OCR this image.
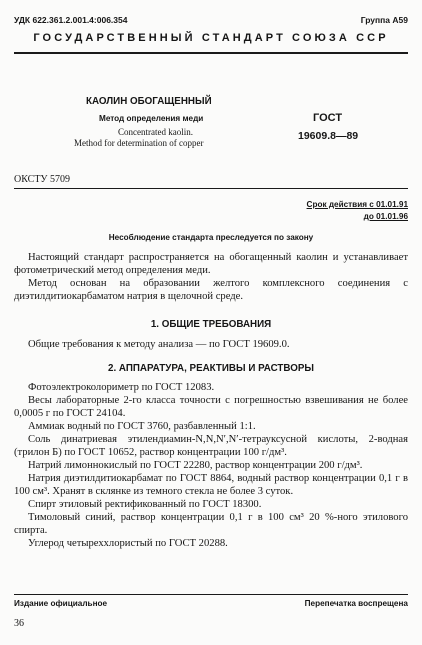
УДК 622.361.2.001.4:006.354	Группа А59
ГОСУДАРСТВЕННЫЙ СТАНДАРТ СОЮЗА ССР
КАОЛИН ОБОГАЩЕННЫЙ
Метод определения меди
Concentrated kaolin.
Method for determination of copper
ГОСТ
19609.8—89
ОКСТУ 5709
Срок действия с 01.01.91
до 01.01.96
Несоблюдение стандарта преследуется по закону

Настоящий стандарт распространяется на обогащенный каолин и устанавливает фотометрический метод определения меди.

Метод основан на образовании желтого комплексного соединения с диэтилдитиокарбаматом натрия в щелочной среде.

1. ОБЩИЕ ТРЕБОВАНИЯ
Общие требования к методу анализа — по ГОСТ 19609.0.
2. АППАРАТУРА, РЕАКТИВЫ И РАСТВОРЫ

Фотоэлектроколориметр по ГОСТ 12083.

Весы лабораторные 2-го класса точности с погрешностью взвешивания не более 0,0005 г по ГОСТ 24104.

Аммиак водный по ГОСТ 3760, разбавленный 1:1.

Соль динатриевая этилендиамин-N,N,N′,N′-тетрауксусной кислоты, 2-водная (трилон Б) по ГОСТ 10652, раствор концентрации 100 г/дм³.

Натрий лимоннокислый по ГОСТ 22280, раствор концентрации 200 г/дм³.

Натрия диэтилдитиокарбамат по ГОСТ 8864, водный раствор концентрации 0,1 г в 100 см³. Хранят в склянке из темного стекла не более 3 суток.

Спирт этиловый ректификованный по ГОСТ 18300.

Тимоловый синий, раствор концентрации 0,1 г в 100 см³ 20 %-ного этилового спирта.

Углерод четыреххлористый по ГОСТ 20288.

Издание официальное	Перепечатка воспрещена
36
